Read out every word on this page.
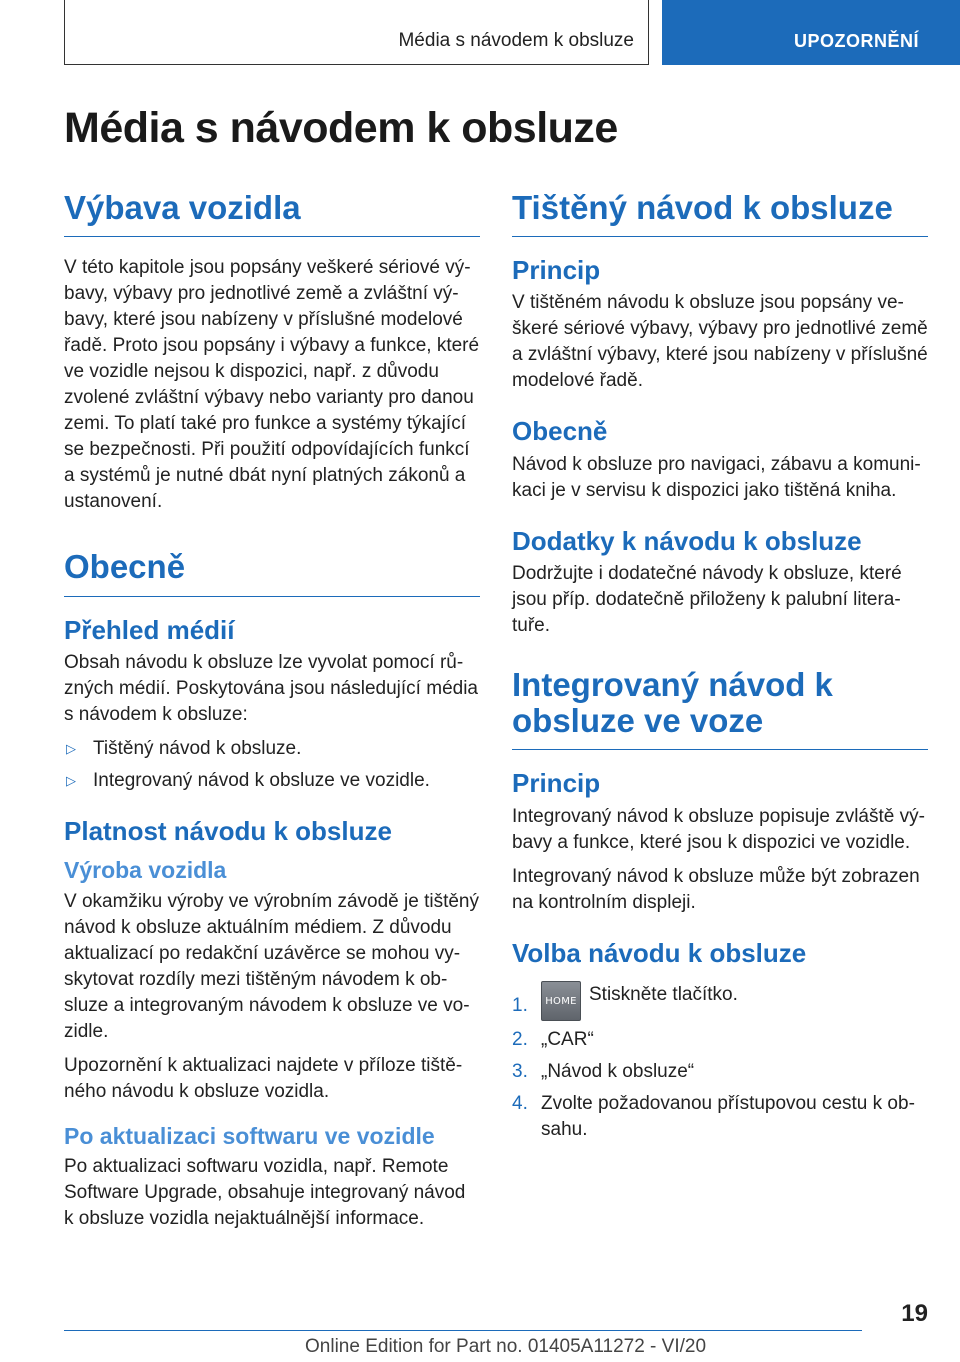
Média s návodem k obsluze	UPOZORNĚNÍ
Média s návodem k obsluze
Výbava vozidla

V této kapitole jsou popsány veškeré sériové výbavy, výbavy pro jednotlivé země a zvláštní výbavy, které jsou nabízeny v příslušné modelové řadě. Proto jsou popsány i výbavy a funkce, které ve vozidle nejsou k dispozici, např. z důvodu zvolené zvláštní výbavy nebo varianty pro danou zemi. To platí také pro funkce a systémy týkající se bezpečnosti. Při použití odpovídajících funkcí a systémů je nutné dbát nyní platných zákonů a ustanovení.

Obecně
Přehled médií

Obsah návodu k obsluze lze vyvolat pomocí různých médií. Poskytována jsou následující média s návodem k obsluze:

▷ Tištěný návod k obsluze.
▷ Integrovaný návod k obsluze ve vozidle.
Platnost návodu k obsluze
Výroba vozidla

V okamžiku výroby ve výrobním závodě je tištěný návod k obsluze aktuálním médiem. Z důvodu aktualizací po redakční uzávěrce se mohou vyskytovat rozdíly mezi tištěným návodem k obsluze a integrovaným návodem k obsluze ve vozidle.

Upozornění k aktualizaci najdete v příloze tištěného návodu k obsluze vozidla.

Po aktualizaci softwaru ve vozidle

Po aktualizaci softwaru vozidla, např. Remote Software Upgrade, obsahuje integrovaný návod k obsluze vozidla nejaktuálnější informace.

Tištěný návod k obsluze
Princip

V tištěném návodu k obsluze jsou popsány veškeré sériové výbavy, výbavy pro jednotlivé země a zvláštní výbavy, které jsou nabízeny v příslušné modelové řadě.

Obecně

Návod k obsluze pro navigaci, zábavu a komunikaci je v servisu k dispozici jako tištěná kniha.

Dodatky k návodu k obsluze

Dodržujte i dodatečné návody k obsluze, které jsou příp. dodatečně přiloženy k palubní literatuře.

Integrovaný návod k obsluze ve voze
Princip

Integrovaný návod k obsluze popisuje zvláště výbavy a funkce, které jsou k dispozici ve vozidle.

Integrovaný návod k obsluze může být zobrazen na kontrolním displeji.

Volba návodu k obsluze
1. HOME Stiskněte tlačítko.
2. „CAR“
3. „Návod k obsluze“
4. Zvolte požadovanou přístupovou cestu k obsahu.
19
Online Edition for Part no. 01405A11272 - VI/20
